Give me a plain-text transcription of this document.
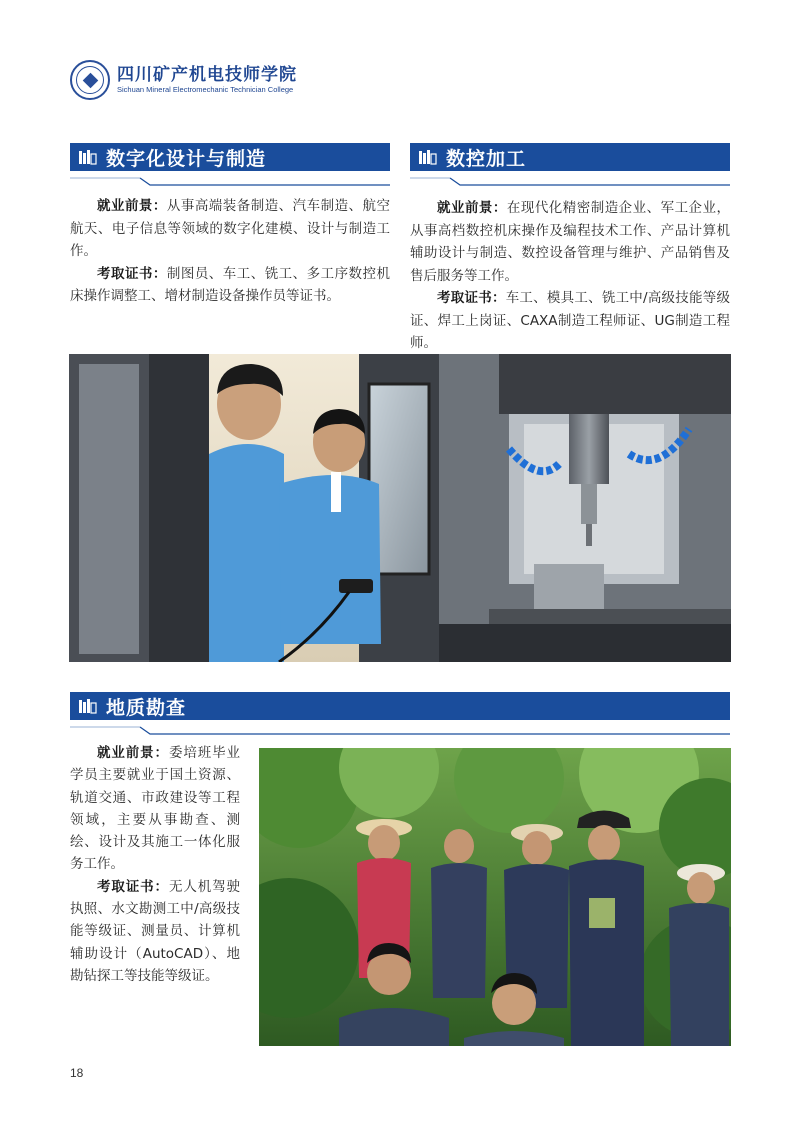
四川矿产机电技师学院
Sichuan Mineral Electromechanic Technician College
数字化设计与制造	数控加工

就业前景：从事高端装备制造、汽车制造、航空航天、电子信息等领域的数字化建模、设计与制造工作。

考取证书：制图员、车工、铣工、多工序数控机床操作调整工、增材制造设备操作员等证书。

就业前景：在现代化精密制造企业、军工企业，从事高档数控机床操作及编程技术工作、产品计算机辅助设计与制造、数控设备管理与维护、产品销售及售后服务等工作。

考取证书：车工、模具工、铣工中/高级技能等级证、焊工上岗证、CAXA制造工程师证、UG制造工程师。

地质勘查

就业前景：委培班毕业学员主要就业于国土资源、轨道交通、市政建设等工程领域，主要从事勘查、测绘、设计及其施工一体化服务工作。

考取证书：无人机驾驶执照、水文勘测工中/高级技能等级证、测量员、计算机辅助设计（AutoCAD）、地勘钻探工等技能等级证。

18
